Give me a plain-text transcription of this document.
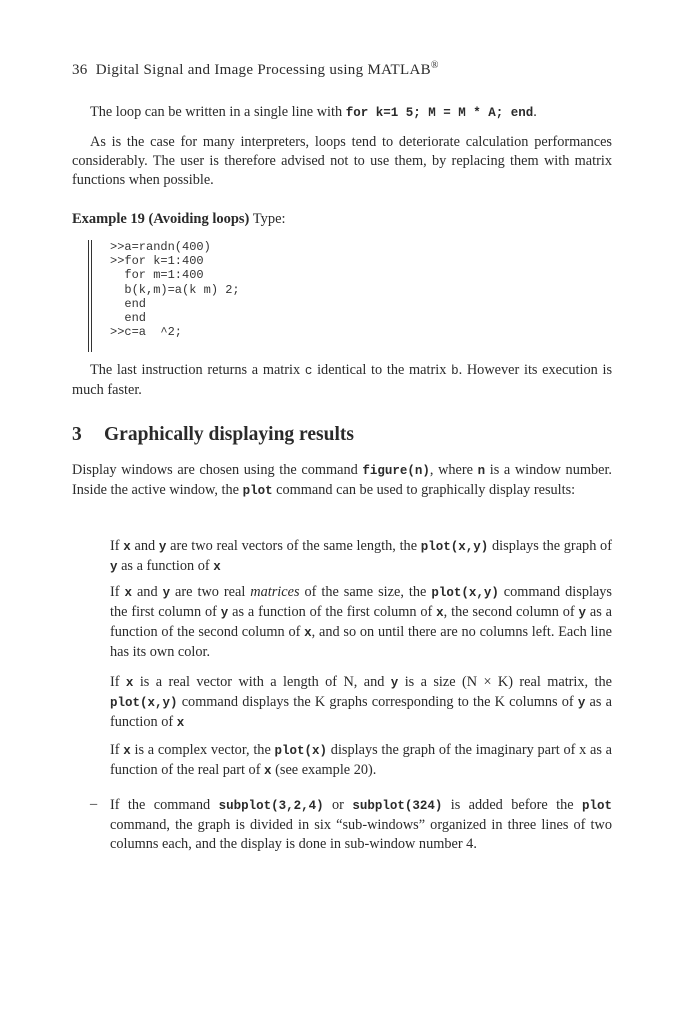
36 Digital Signal and Image Processing using MATLAB®
The loop can be written in a single line with for k=1 5; M = M * A; end.
As is the case for many interpreters, loops tend to deteriorate calculation performances considerably. The user is therefore advised not to use them, by replacing them with matrix functions when possible.
Example 19 (Avoiding loops) Type:
>>a=randn(400)
>>for k=1:400
for m=1:400
b(k,m)=a(k m) 2;
end
end
>>c=a  ^2;
The last instruction returns a matrix c identical to the matrix b. However its execution is much faster.
3 Graphically displaying results
Display windows are chosen using the command figure(n), where n is a window number. Inside the active window, the plot command can be used to graphically display results:
If x and y are two real vectors of the same length, the plot(x,y) displays the graph of y as a function of x
If x and y are two real matrices of the same size, the plot(x,y) command displays the first column of y as a function of the first column of x, the second column of y as a function of the second column of x, and so on until there are no columns left. Each line has its own color.
If x is a real vector with a length of N, and y is a size (N × K) real matrix, the plot(x,y) command displays the K graphs corresponding to the K columns of y as a function of x
If x is a complex vector, the plot(x) displays the graph of the imaginary part of x as a function of the real part of x (see example 20).
– If the command subplot(3,2,4) or subplot(324) is added before the plot command, the graph is divided in six “sub-windows” organized in three lines of two columns each, and the display is done in sub-window number 4.
